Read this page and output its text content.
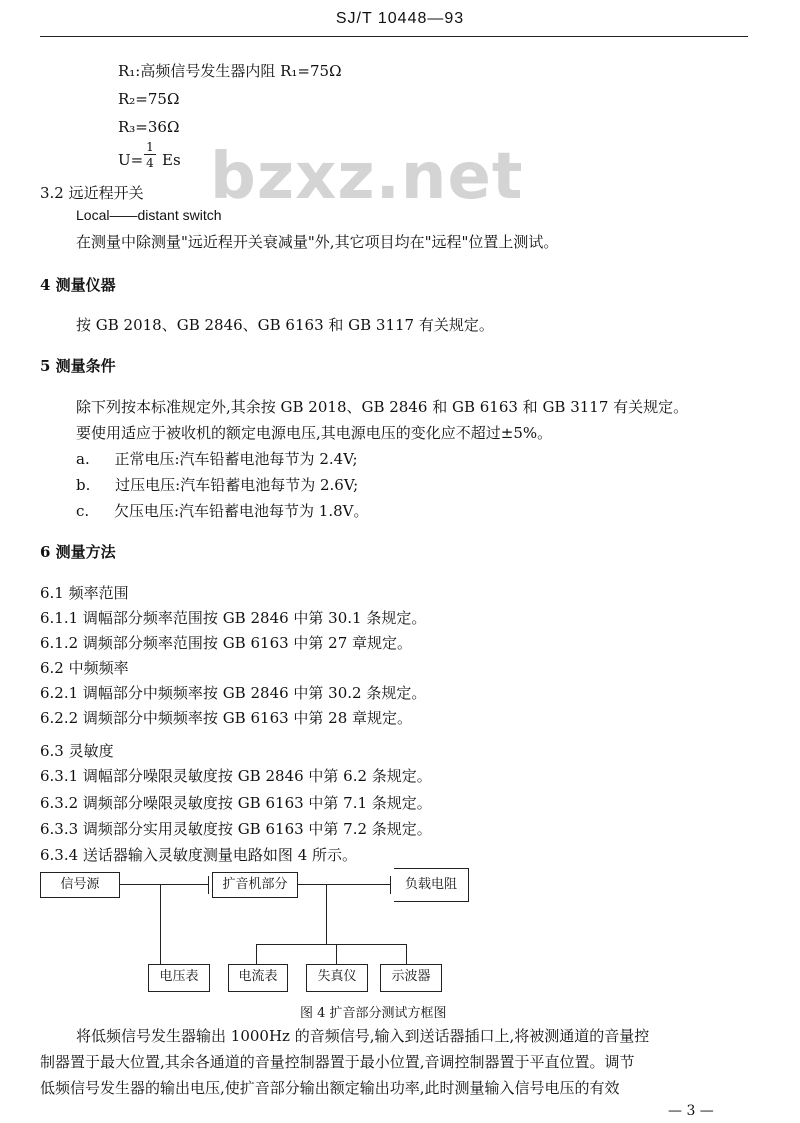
SJ/T 10448—93
R₁:高频信号发生器内阻 R₁=75Ω
R₂=75Ω
R₃=36Ω
U=
1
4 Es bzxz.net
3.2 远近程开关
Local——distant switch
在测量中除测量"远近程开关衰减量"外,其它项目均在"远程"位置上测试。
4 测量仪器
按 GB 2018、GB 2846、GB 6163 和 GB 3117 有关规定。
5 测量条件
除下列按本标准规定外,其余按 GB 2018、GB 2846 和 GB 6163 和 GB 3117 有关规定。
要使用适应于被收机的额定电源电压,其电源电压的变化应不超过±5%。
a. 正常电压:汽车铅蓄电池每节为 2.4V;
b. 过压电压:汽车铅蓄电池每节为 2.6V;
c. 欠压电压:汽车铅蓄电池每节为 1.8V。
6 测量方法
6.1 频率范围
6.1.1 调幅部分频率范围按 GB 2846 中第 30.1 条规定。
6.1.2 调频部分频率范围按 GB 6163 中第 27 章规定。
6.2 中频频率
6.2.1 调幅部分中频频率按 GB 2846 中第 30.2 条规定。
6.2.2 调频部分中频频率按 GB 6163 中第 28 章规定。
6.3 灵敏度
6.3.1 调幅部分噪限灵敏度按 GB 2846 中第 6.2 条规定。
6.3.2 调频部分噪限灵敏度按 GB 6163 中第 7.1 条规定。
6.3.3 调频部分实用灵敏度按 GB 6163 中第 7.2 条规定。
6.3.4 送话器输入灵敏度测量电路如图 4 所示。
信号源	扩音机部分	负载电阻
电压表	电流表	失真仪	示波器
图 4 扩音部分测试方框图
将低频信号发生器输出 1000Hz 的音频信号,输入到送话器插口上,将被测通道的音量控
制器置于最大位置,其余各通道的音量控制器置于最小位置,音调控制器置于平直位置。调节
低频信号发生器的输出电压,使扩音部分输出额定输出功率,此时测量输入信号电压的有效
— 3 —
